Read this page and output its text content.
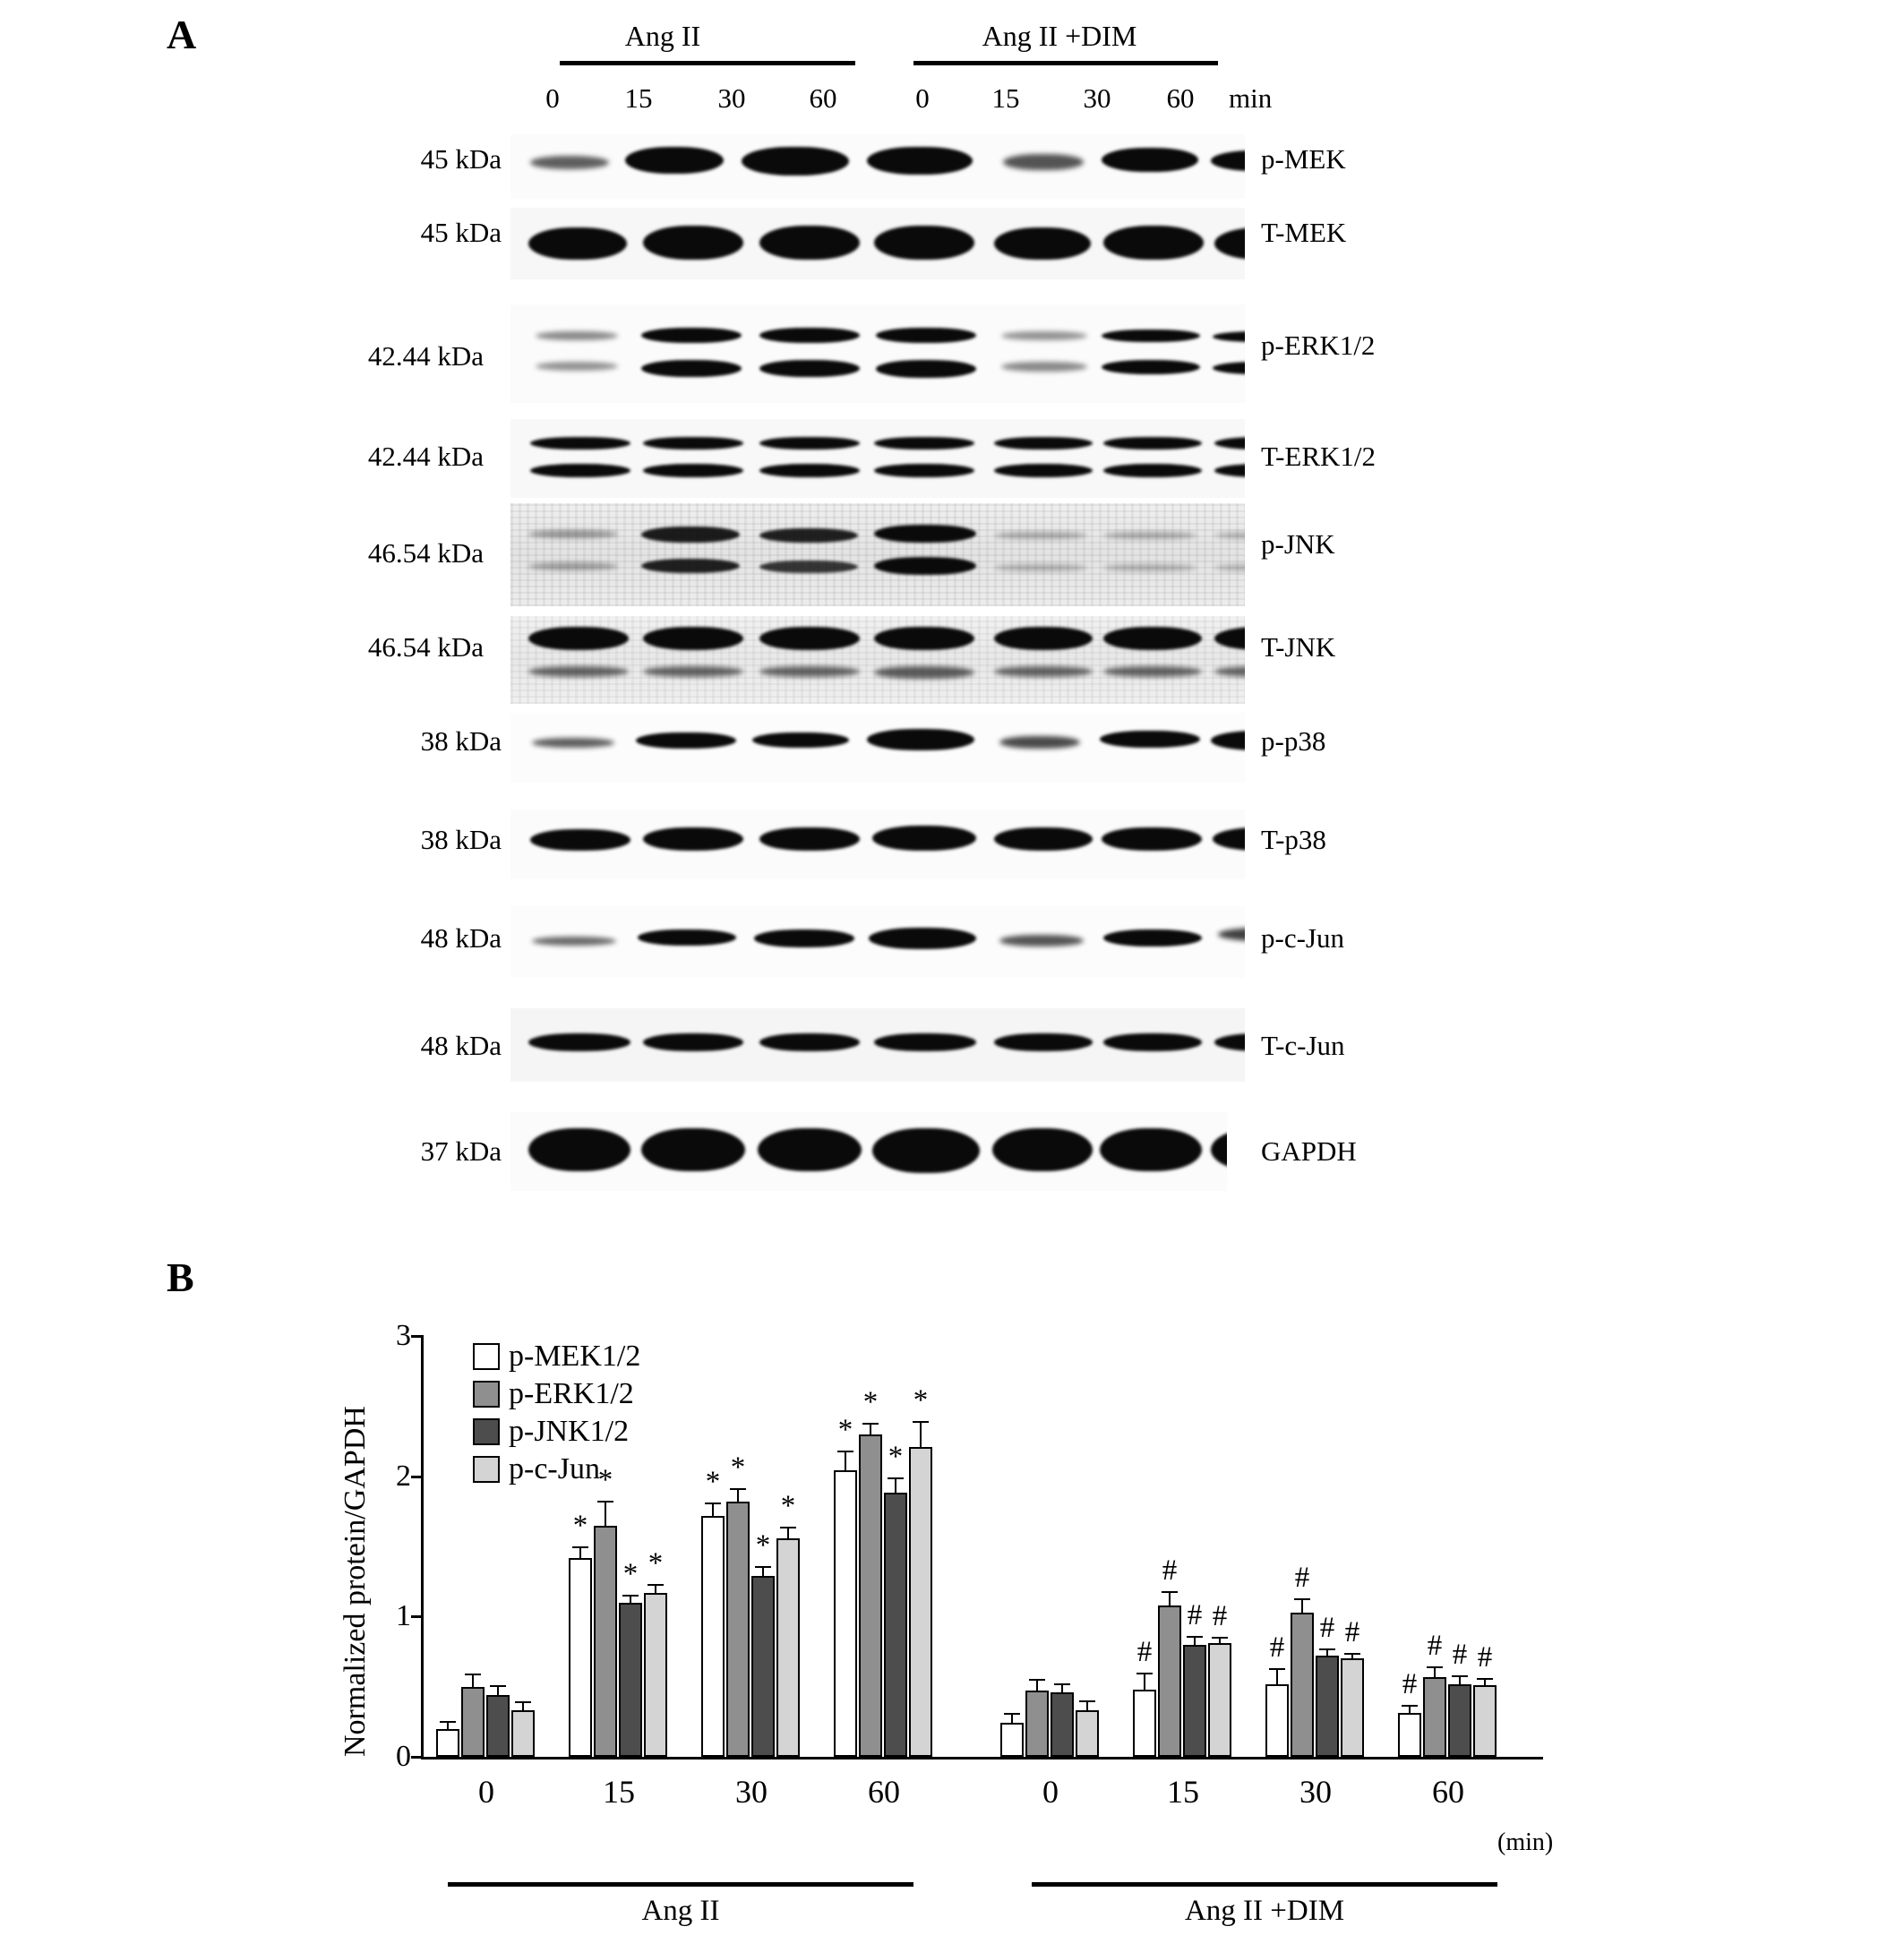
A	Ang II	Ang II +DIM
0	15	30	60	0	15	30	60	min
45 kDa	p-MEK
45 kDa	T-MEK
42.44 kDa	p-ERK1/2
42.44 kDa	T-ERK1/2
46.54 kDa	p-JNK
46.54 kDa	T-JNK
38 kDa	p-p38
38 kDa	T-p38
48 kDa	p-c-Jun
48 kDa	T-c-Jun
37 kDa	GAPDH
B
p-MEK1/2
p-ERK1/2
p-JNK1/2
p-c-Jun
Normalized protein/GAPDH 0
1
2
3
*
*
* *
* *
*
*
*
*
*
*
#
#
# #
#
#
# #
#
# # #
0	15	30	60	0	15	30	60
(min)
Ang II	Ang II +DIM
